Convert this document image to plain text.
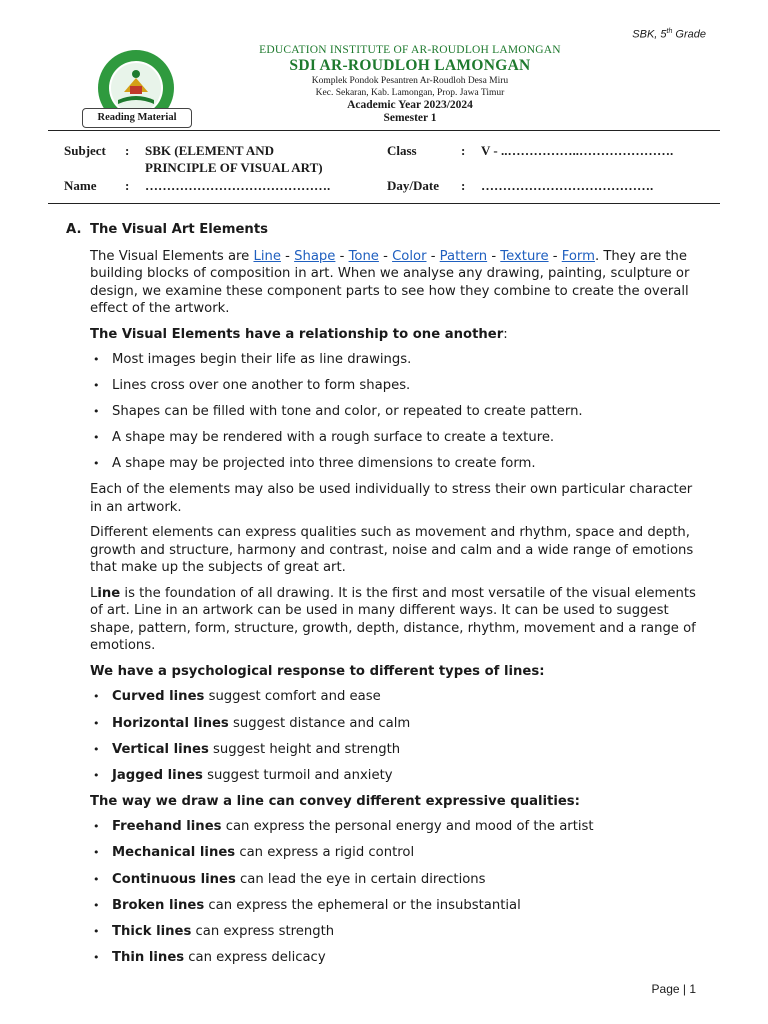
SBK, 5th Grade
EDUCATION INSTITUTE OF AR-ROUDLOH LAMONGAN
SDI AR-ROUDLOH LAMONGAN
Komplek Pondok Pesantren Ar-Roudloh Desa Miru
Kec. Sekaran, Kab. Lamongan, Prop. Jawa Timur
Academic Year 2023/2024
Semester 1
Reading Material
Subject : SBK (ELEMENT AND
PRINCIPLE OF VISUAL ART)
Class	: V - ..……………..………………….
Name : …………………………………….	Day/Date : ………………………………….
A. The Visual Art Elements

The Visual Elements are Line - Shape - Tone - Color - Pattern - Texture - Form. They are the building blocks of composition in art. When we analyse any drawing, painting, sculpture or design, we examine these component parts to see how they combine to create the overall effect of the artwork.

The Visual Elements have a relationship to one another:

• Most images begin their life as line drawings.
• Lines cross over one another to form shapes.
• Shapes can be filled with tone and color, or repeated to create pattern.
• A shape may be rendered with a rough surface to create a texture.
• A shape may be projected into three dimensions to create form.

Each of the elements may also be used individually to stress their own particular character in an artwork.

Different elements can express qualities such as movement and rhythm, space and depth, growth and structure, harmony and contrast, noise and calm and a wide range of emotions that make up the subjects of great art.

Line is the foundation of all drawing. It is the first and most versatile of the visual elements of art. Line in an artwork can be used in many different ways. It can be used to suggest shape, pattern, form, structure, growth, depth, distance, rhythm, movement and a range of emotions.

We have a psychological response to different types of lines:

• Curved lines suggest comfort and ease
• Horizontal lines suggest distance and calm
• Vertical lines suggest height and strength
• Jagged lines suggest turmoil and anxiety

The way we draw a line can convey different expressive qualities:

• Freehand lines can express the personal energy and mood of the artist
• Mechanical lines can express a rigid control
• Continuous lines can lead the eye in certain directions
• Broken lines can express the ephemeral or the insubstantial
• Thick lines can express strength
• Thin lines can express delicacy
Page | 1
